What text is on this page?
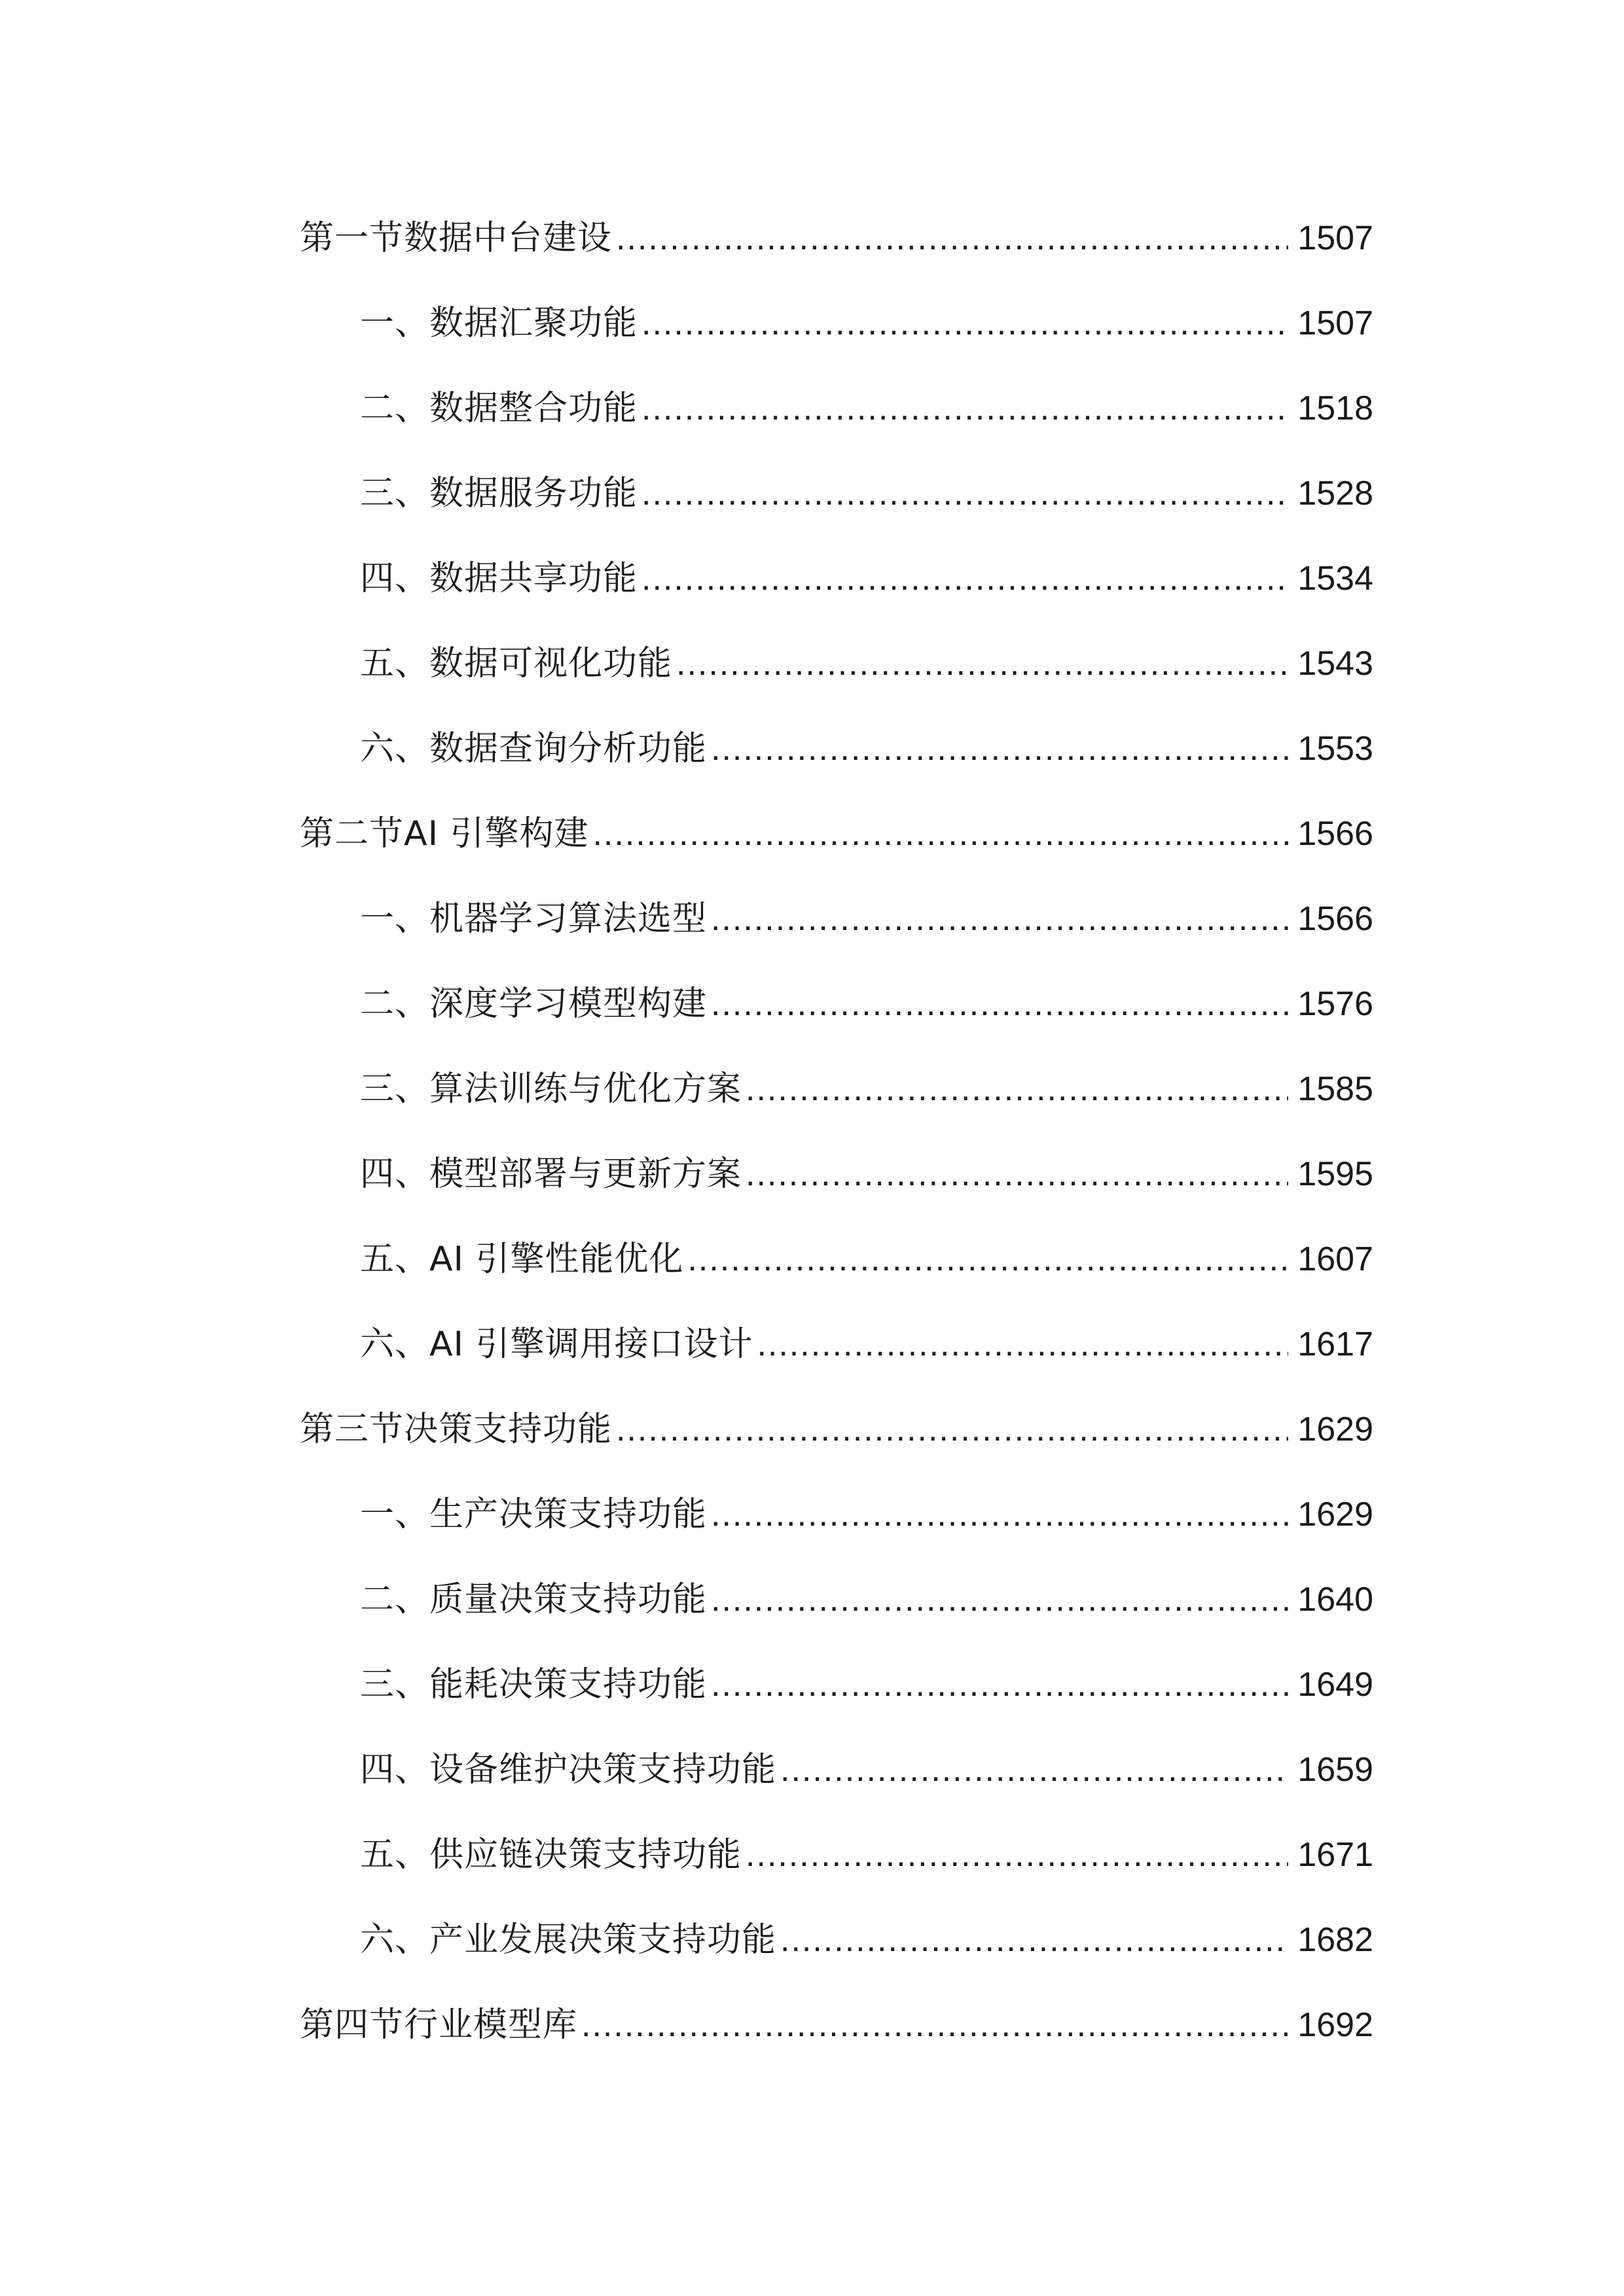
第一节数据中台建设 .....	1507
一、数据汇聚功能 .....	1507
二、数据整合功能 .....	1518
三、数据服务功能 .....	1528
四、数据共享功能 .....	1534
五、数据可视化功能 .....	1543
六、数据查询分析功能 .....	1553
第二节AI 引擎构建 .....	1566
一、机器学习算法选型 .....	1566
二、深度学习模型构建 .....	1576
三、算法训练与优化方案 .....	1585
四、模型部署与更新方案 .....	1595
五、AI 引擎性能优化 .....	1607
六、AI 引擎调用接口设计 .....	1617
第三节决策支持功能 .....	1629
一、生产决策支持功能 .....	1629
二、质量决策支持功能 .....	1640
三、能耗决策支持功能 .....	1649
四、设备维护决策支持功能 .....	1659
五、供应链决策支持功能 .....	1671
六、产业发展决策支持功能 .....	1682
第四节行业模型库 .....	1692
